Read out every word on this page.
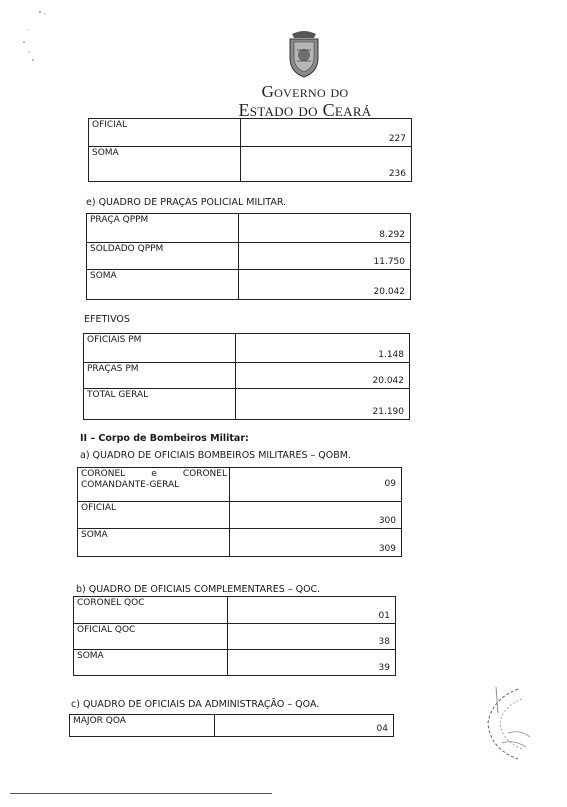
Governo do
Estado do Ceará
OFICIAL	227
SOMA	236
e) QUADRO DE PRAÇAS POLICIAL MILITAR.
PRAÇA QPPM	8.292
SOLDADO QPPM	11.750
SOMA	20.042
EFETIVOS
OFICIAIS PM	1.148
PRAÇAS PM	20.042
TOTAL GERAL	21.190
II – Corpo de Bombeiros Militar:
a) QUADRO DE OFICIAIS BOMBEIROS MILITARES – QOBM.
CORONEL e CORONEL
COMANDANTE-GERAL	09
OFICIAL	300
SOMA	309
b) QUADRO DE OFICIAIS COMPLEMENTARES – QOC.
CORONEL QOC	01
OFICIAL QOC	38
SOMA	39
c) QUADRO DE OFICIAIS DA ADMINISTRAÇÃO – QOA.
MAJOR QOA	04
